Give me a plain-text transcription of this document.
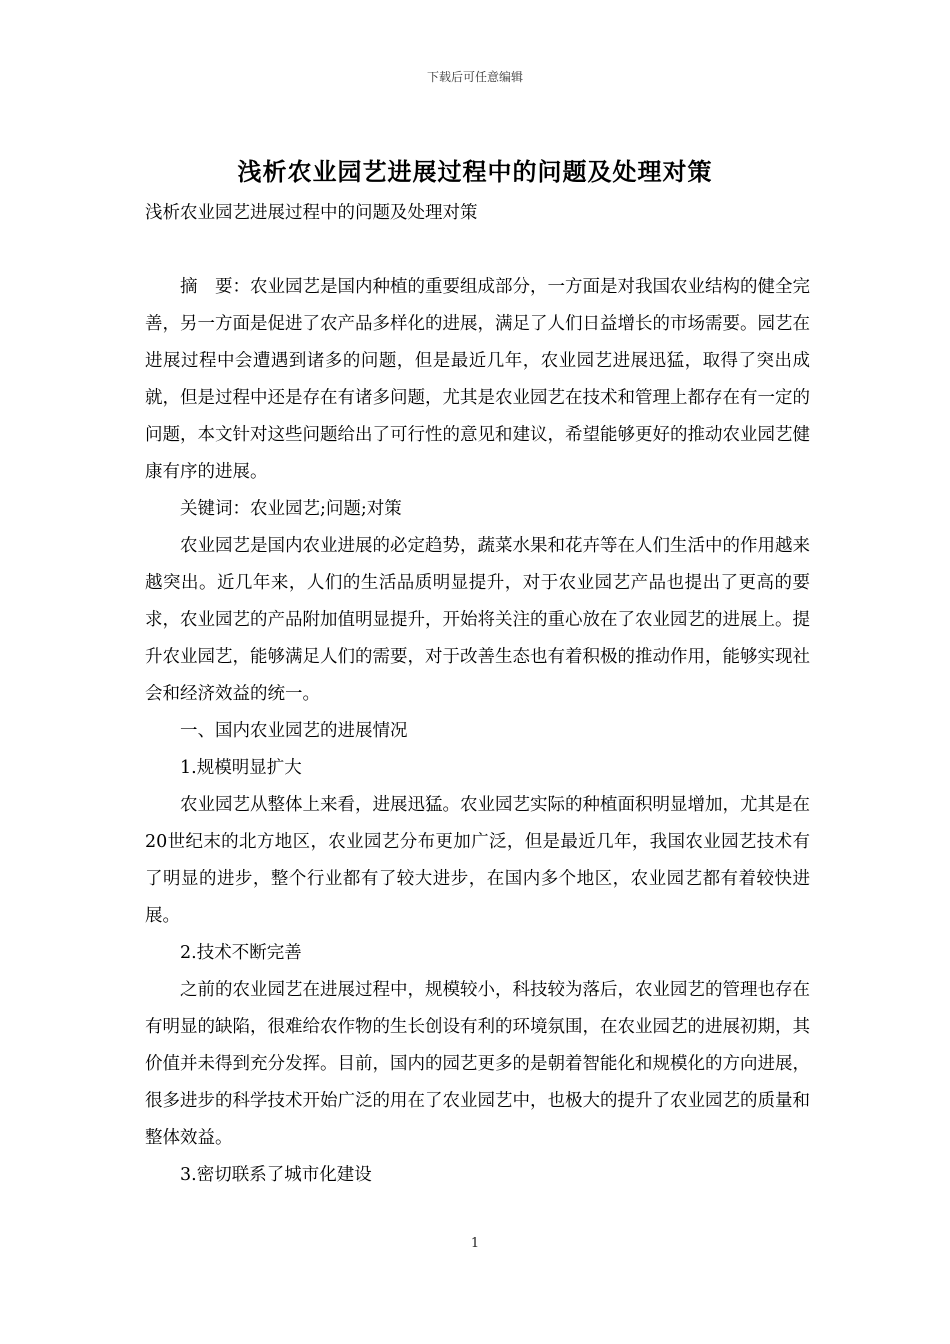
下载后可任意编辑
浅析农业园艺进展过程中的问题及处理对策

浅析农业园艺进展过程中的问题及处理对策

摘　要：农业园艺是国内种植的重要组成部分，一方面是对我国农业结构的健全完善，另一方面是促进了农产品多样化的进展，满足了人们日益增长的市场需要。园艺在进展过程中会遭遇到诸多的问题，但是最近几年，农业园艺进展迅猛，取得了突出成就，但是过程中还是存在有诸多问题，尤其是农业园艺在技术和管理上都存在有一定的问题，本文针对这些问题给出了可行性的意见和建议，希望能够更好的推动农业园艺健康有序的进展。

关键词：农业园艺;问题;对策

农业园艺是国内农业进展的必定趋势，蔬菜水果和花卉等在人们生活中的作用越来越突出。近几年来，人们的生活品质明显提升，对于农业园艺产品也提出了更高的要求，农业园艺的产品附加值明显提升，开始将关注的重心放在了农业园艺的进展上。提升农业园艺，能够满足人们的需要，对于改善生态也有着积极的推动作用，能够实现社会和经济效益的统一。

一、国内农业园艺的进展情况

1.规模明显扩大

农业园艺从整体上来看，进展迅猛。农业园艺实际的种植面积明显增加，尤其是在20世纪末的北方地区，农业园艺分布更加广泛，但是最近几年，我国农业园艺技术有了明显的进步，整个行业都有了较大进步，在国内多个地区，农业园艺都有着较快进展。

2.技术不断完善

之前的农业园艺在进展过程中，规模较小，科技较为落后，农业园艺的管理也存在有明显的缺陷，很难给农作物的生长创设有利的环境氛围，在农业园艺的进展初期，其价值并未得到充分发挥。目前，国内的园艺更多的是朝着智能化和规模化的方向进展，很多进步的科学技术开始广泛的用在了农业园艺中，也极大的提升了农业园艺的质量和整体效益。

3.密切联系了城市化建设

1
